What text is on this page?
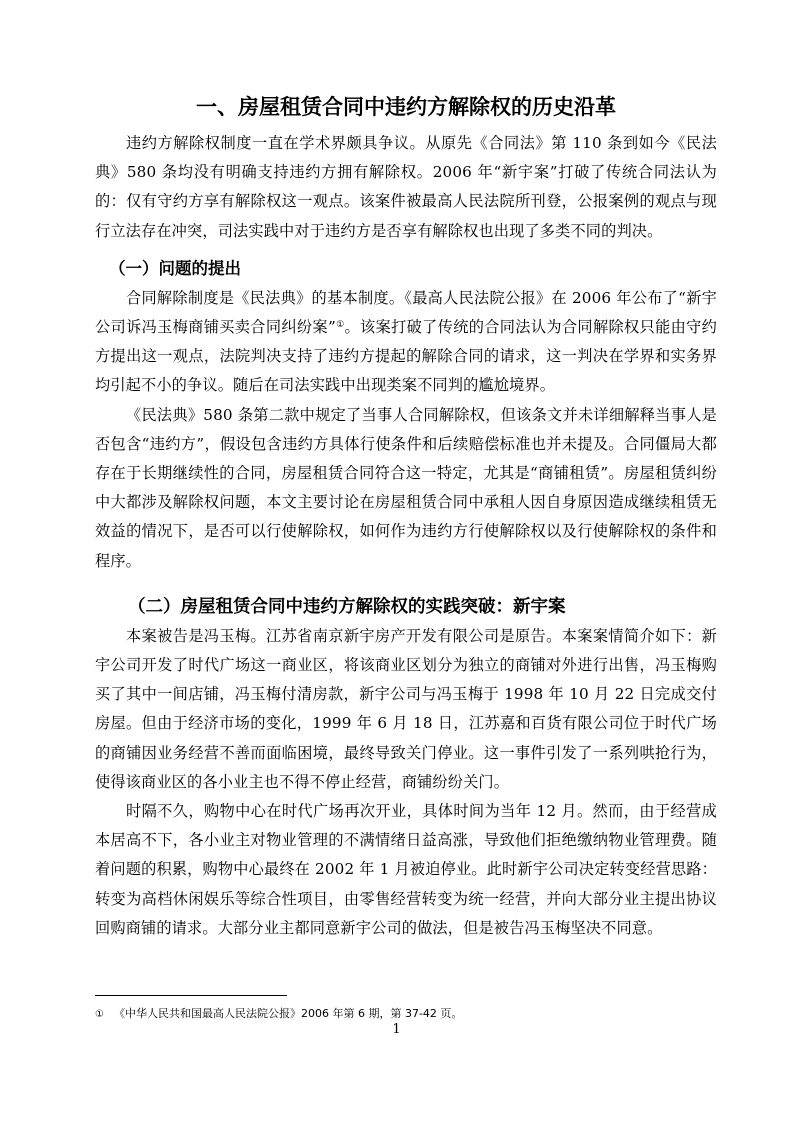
一、房屋租赁合同中违约方解除权的历史沿革

违约方解除权制度一直在学术界颇具争议。从原先《合同法》第 110 条到如今《民法典》580 条均没有明确支持违约方拥有解除权。2006 年“新宇案”打破了传统合同法认为的：仅有守约方享有解除权这一观点。该案件被最高人民法院所刊登，公报案例的观点与现行立法存在冲突，司法实践中对于违约方是否享有解除权也出现了多类不同的判决。

（一）问题的提出

合同解除制度是《民法典》的基本制度。《最高人民法院公报》在 2006 年公布了“新宇公司诉冯玉梅商铺买卖合同纠纷案”①。该案打破了传统的合同法认为合同解除权只能由守约方提出这一观点，法院判决支持了违约方提起的解除合同的请求，这一判决在学界和实务界均引起不小的争议。随后在司法实践中出现类案不同判的尴尬境界。

《民法典》580 条第二款中规定了当事人合同解除权，但该条文并未详细解释当事人是否包含“违约方”，假设包含违约方具体行使条件和后续赔偿标准也并未提及。合同僵局大都存在于长期继续性的合同，房屋租赁合同符合这一特定，尤其是“商铺租赁”。房屋租赁纠纷中大都涉及解除权问题，本文主要讨论在房屋租赁合同中承租人因自身原因造成继续租赁无效益的情况下，是否可以行使解除权，如何作为违约方行使解除权以及行使解除权的条件和程序。

（二）房屋租赁合同中违约方解除权的实践突破：新宇案

本案被告是冯玉梅。江苏省南京新宇房产开发有限公司是原告。本案案情简介如下：新宇公司开发了时代广场这一商业区，将该商业区划分为独立的商铺对外进行出售，冯玉梅购买了其中一间店铺，冯玉梅付清房款，新宇公司与冯玉梅于 1998 年 10 月 22 日完成交付房屋。但由于经济市场的变化，1999 年 6 月 18 日，江苏嘉和百货有限公司位于时代广场的商铺因业务经营不善而面临困境，最终导致关门停业。这一事件引发了一系列哄抢行为，使得该商业区的各小业主也不得不停止经营，商铺纷纷关门。

时隔不久，购物中心在时代广场再次开业，具体时间为当年 12 月。然而，由于经营成本居高不下，各小业主对物业管理的不满情绪日益高涨，导致他们拒绝缴纳物业管理费。随着问题的积累，购物中心最终在 2002 年 1 月被迫停业。此时新宇公司决定转变经营思路：转变为高档休闲娱乐等综合性项目，由零售经营转变为统一经营，并向大部分业主提出协议回购商铺的请求。大部分业主都同意新宇公司的做法，但是被告冯玉梅坚决不同意。

① 《中华人民共和国最高人民法院公报》2006 年第 6 期，第 37-42 页。
1
